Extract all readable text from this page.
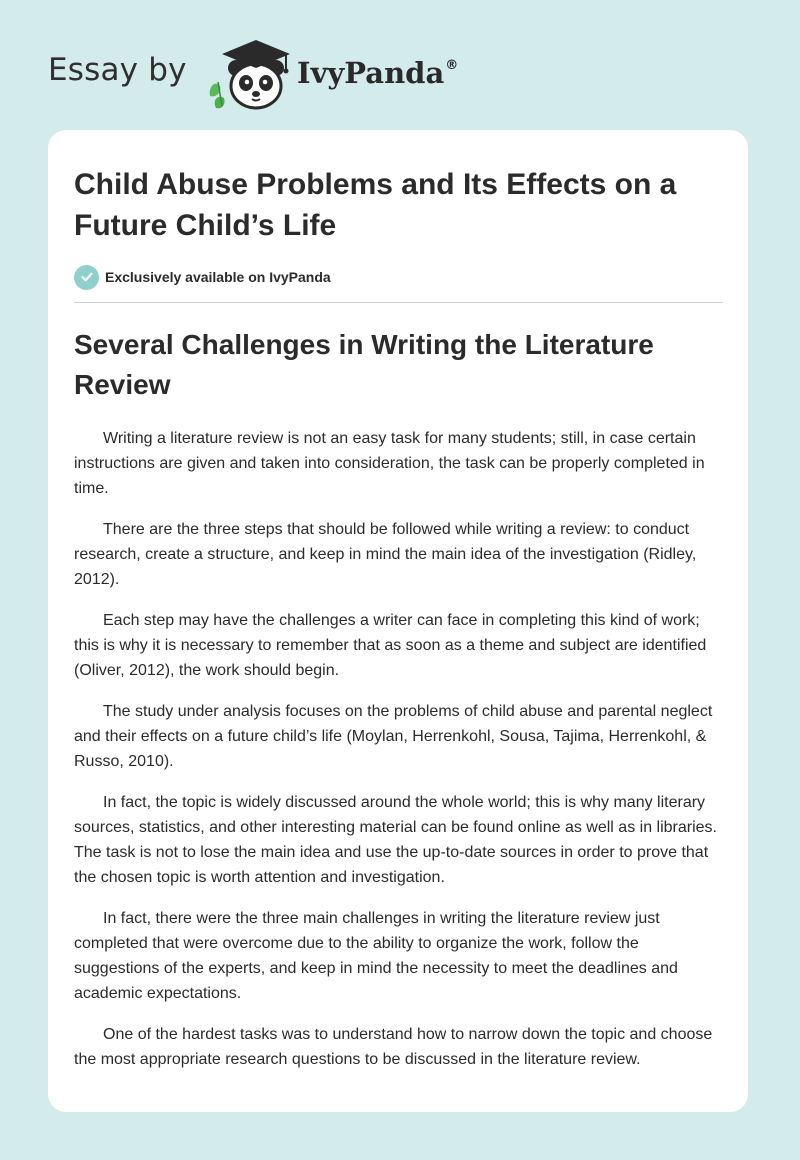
Essay by	IvyPanda®
Child Abuse Problems and Its Effects on a Future Child’s Life
Exclusively available on IvyPanda
Several Challenges in Writing the Literature Review

Writing a literature review is not an easy task for many students; still, in case certain instructions are given and taken into consideration, the task can be properly completed in time.

There are the three steps that should be followed while writing a review: to conduct research, create a structure, and keep in mind the main idea of the investigation (Ridley, 2012).

Each step may have the challenges a writer can face in completing this kind of work; this is why it is necessary to remember that as soon as a theme and subject are identified (Oliver, 2012), the work should begin.

The study under analysis focuses on the problems of child abuse and parental neglect and their effects on a future child’s life (Moylan, Herrenkohl, Sousa, Tajima, Herrenkohl, & Russo, 2010).

In fact, the topic is widely discussed around the whole world; this is why many literary sources, statistics, and other interesting material can be found online as well as in libraries. The task is not to lose the main idea and use the up-to-date sources in order to prove that the chosen topic is worth attention and investigation.

In fact, there were the three main challenges in writing the literature review just completed that were overcome due to the ability to organize the work, follow the suggestions of the experts, and keep in mind the necessity to meet the deadlines and academic expectations.

One of the hardest tasks was to understand how to narrow down the topic and choose the most appropriate research questions to be discussed in the literature review.
